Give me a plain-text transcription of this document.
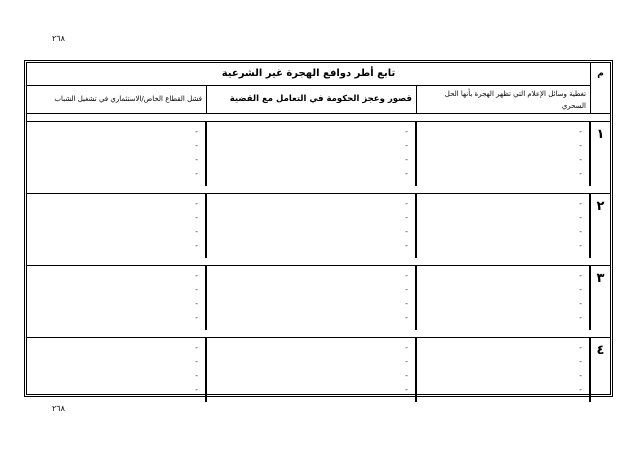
٢٦٨
تابع أطر دوافع الهجرة غير الشرعية	م
تغطية وسائل الإعلام التي تظهر الهجرة بأنها الحل السحري
قصور وعجز الحكومة في التعامل مع القضية
فشل القطاع الخاص/الاستثماري في تشغيل الشباب
-
-
-
-
-
-
-
-
-
-
-
-
١
-
-
-
-
-
-
-
-
-
-
-
-
٢
-
-
-
-
-
-
-
-
-
-
-
-
٣
-
-
-
-
-
-
-
-
-
-
-
-
٤
٢٦٨
